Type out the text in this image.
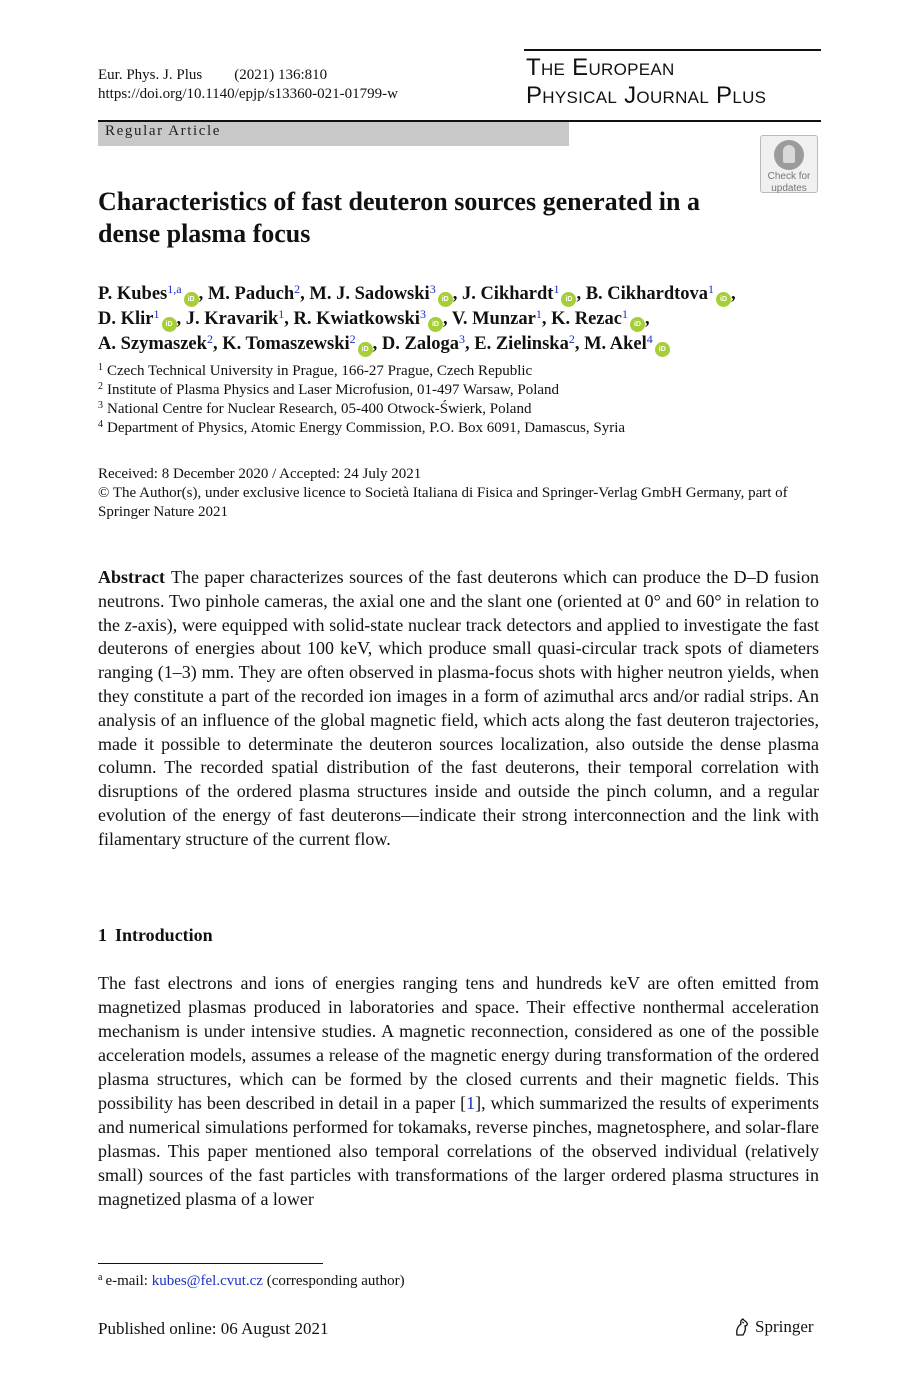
Eur. Phys. J. Plus (2021) 136:810
https://doi.org/10.1140/epjp/s13360-021-01799-w
The European
Physical Journal Plus
Regular Article
Check for
updates
Characteristics of fast deuteron sources generated in a dense plasma focus
P. Kubes$^{1,a}$iD , M. Paduch$^2$, M. J. Sadowski$^3$iD , J. Cikhardt$^1$iD , B. Cikhardtova$^1$iD ,
D. Klir$^1$iD , J. Kravarik$^1$, R. Kwiatkowski$^3$iD , V. Munzar$^1$, K. Rezac$^1$iD ,
A. Szymaszek$^2$, K. Tomaszewski$^2$iD , D. Zaloga$^3$, E. Zielinska$^2$, M. Akel$^4$iD
$^1$ Czech Technical University in Prague, 166-27 Prague, Czech Republic
$^2$ Institute of Plasma Physics and Laser Microfusion, 01-497 Warsaw, Poland
$^3$ National Centre for Nuclear Research, 05-400 Otwock-Świerk, Poland
$^4$ Department of Physics, Atomic Energy Commission, P.O. Box 6091, Damascus, Syria
Received: 8 December 2020 / Accepted: 24 July 2021
© The Author(s), under exclusive licence to Società Italiana di Fisica and Springer-Verlag GmbH Germany, part of Springer Nature 2021
Abstract The paper characterizes sources of the fast deuterons which can produce the D–D fusion neutrons. Two pinhole cameras, the axial one and the slant one (oriented at 0° and 60° in relation to the z-axis), were equipped with solid-state nuclear track detectors and applied to investigate the fast deuterons of energies about 100 keV, which produce small quasi-circular track spots of diameters ranging (1–3) mm. They are often observed in plasma-focus shots with higher neutron yields, when they constitute a part of the recorded ion images in a form of azimuthal arcs and/or radial strips. An analysis of an influence of the global magnetic field, which acts along the fast deuteron trajectories, made it possible to determinate the deuteron sources localization, also outside the dense plasma column. The recorded spatial distribution of the fast deuterons, their temporal correlation with disruptions of the ordered plasma structures inside and outside the pinch column, and a regular evolution of the energy of fast deuterons—indicate their strong interconnection and the link with filamentary structure of the current flow.
1 Introduction
The fast electrons and ions of energies ranging tens and hundreds keV are often emitted from magnetized plasmas produced in laboratories and space. Their effective nonthermal acceleration mechanism is under intensive studies. A magnetic reconnection, considered as one of the possible acceleration models, assumes a release of the magnetic energy during transformation of the ordered plasma structures, which can be formed by the closed currents and their magnetic fields. This possibility has been described in detail in a paper [1], which summarized the results of experiments and numerical simulations performed for tokamaks, reverse pinches, magnetosphere, and solar-flare plasmas. This paper mentioned also temporal correlations of the observed individual (relatively small) sources of the fast particles with transformations of the larger ordered plasma structures in magnetized plasma of a lower
$^a$ e-mail: kubes@fel.cvut.cz (corresponding author)
Published online: 06 August 2021	Springer
